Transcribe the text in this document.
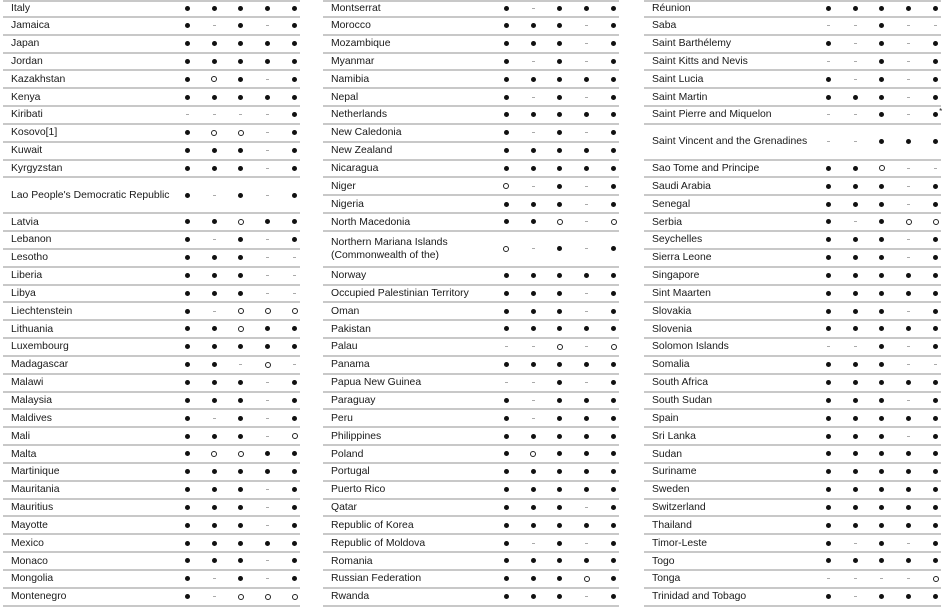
Italy
Jamaica
Japan
Jordan
Kazakhstan
Kenya
Kiribati
Kosovo[1]
Kuwait
Kyrgyzstan
Lao People's Democratic Republic
Latvia
Lebanon
Lesotho
Liberia
Libya
Liechtenstein
Lithuania
Luxembourg
Madagascar
Malawi
Malaysia
Maldives
Mali
Malta
Martinique
Mauritania
Mauritius
Mayotte
Mexico
Monaco
Mongolia
Montenegro
Montserrat
Morocco
Mozambique
Myanmar
Namibia
Nepal
Netherlands
New Caledonia
New Zealand
Nicaragua
Niger
Nigeria
North Macedonia
Northern Mariana Islands (Commonwealth of the)
Norway
Occupied Palestinian Territory
Oman
Pakistan
Palau
Panama
Papua New Guinea
Paraguay
Peru
Philippines
Poland
Portugal
Puerto Rico
Qatar
Republic of Korea
Republic of Moldova
Romania
Russian Federation
Rwanda
Réunion
Saba
Saint Barthélemy
Saint Kitts and Nevis
Saint Lucia
Saint Martin
Saint Pierre and Miquelon	*
Saint Vincent and the Grenadines
Sao Tome and Principe
Saudi Arabia
Senegal
Serbia
Seychelles
Sierra Leone
Singapore
Sint Maarten
Slovakia
Slovenia
Solomon Islands
Somalia
South Africa
South Sudan
Spain
Sri Lanka
Sudan
Suriname
Sweden
Switzerland
Thailand
Timor-Leste
Togo
Tonga
Trinidad and Tobago
